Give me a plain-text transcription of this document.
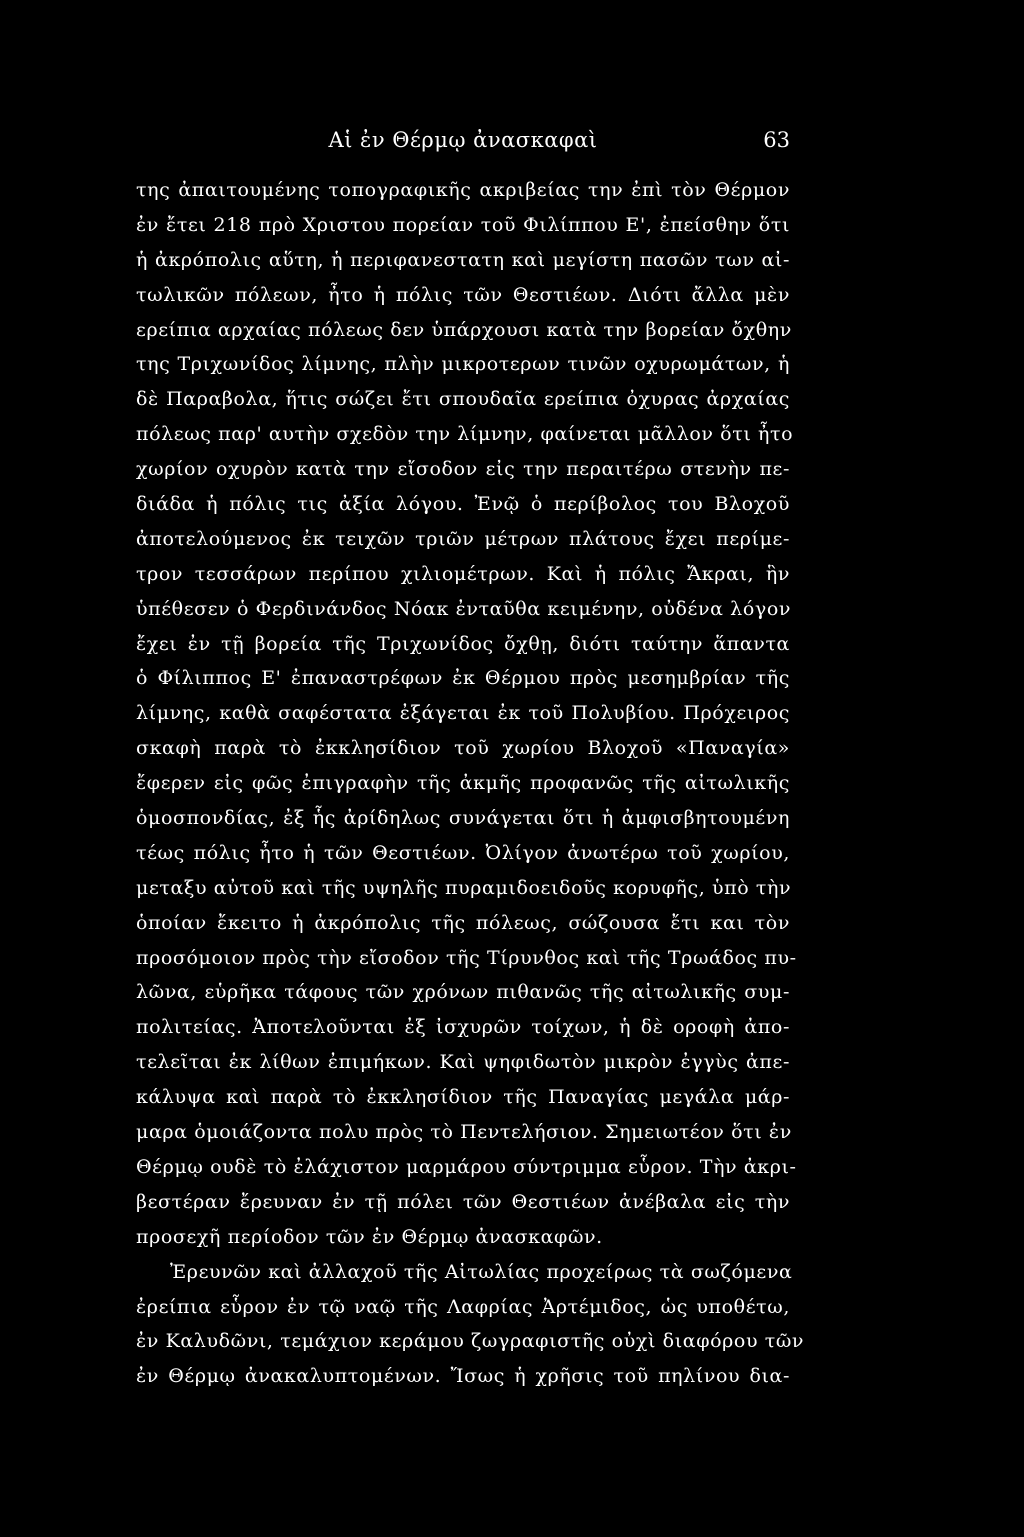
Αἱ ἐν Θέρμῳ ἀνασκαφαὶ	63
της ἀπαιτουμένης τοπογραφικῆς ακριβείας την ἐπὶ τὸν Θέρμον
ἐν ἔτει 218 πρὸ Χριστου πορείαν τοῦ Φιλίππου Ε', ἐπείσθην ὅτι
ἡ ἀκρόπολις αὕτη, ἡ περιφανεστατη καὶ μεγίστη πασῶν των αἰ-
τωλικῶν πόλεων, ἦτο ἡ πόλις τῶν Θεστιέων. Διότι ἄλλα μὲν
ερείπια αρχαίας πόλεως δεν ὑπάρχουσι κατὰ την βορείαν ὄχθην
της Τριχωνίδος λίμνης, πλὴν μικροτερων τινῶν οχυρωμάτων, ἡ
δὲ Παραβολα, ἥτις σώζει ἔτι σπουδαῖα ερείπια ὀχυρας ἀρχαίας
πόλεως παρ' αυτὴν σχεδὸν την λίμνην, φαίνεται μᾶλλον ὅτι ἦτο
χωρίον οχυρὸν κατὰ την εἴσοδον εἰς την περαιτέρω στενὴν πε-
διάδα ἡ πόλις τις ἀξία λόγου. Ἐνῷ ὁ περίβολος του Βλοχοῦ
ἀποτελούμενος ἐκ τειχῶν τριῶν μέτρων πλάτους ἔχει περίμε-
τρον τεσσάρων περίπου χιλιομέτρων. Καὶ ἡ πόλις Ἄκραι, ἣν
ὑπέθεσεν ὁ Φερδινάνδος Νόακ ἐνταῦθα κειμένην, οὐδένα λόγον
ἔχει ἐν τῇ βορεία τῆς Τριχωνίδος ὄχθῃ, διότι ταύτην ἅπαντα
ὁ Φίλιππος Ε' ἐπαναστρέφων ἐκ Θέρμου πρὸς μεσημβρίαν τῆς
λίμνης, καθὰ σαφέστατα ἐξάγεται ἐκ τοῦ Πολυβίου. Πρόχειρος
σκαφὴ παρὰ τὸ ἐκκλησίδιον τοῦ χωρίου Βλοχοῦ «Παναγία»
ἔφερεν εἰς φῶς ἐπιγραφὴν τῆς ἀκμῆς προφανῶς τῆς αἰτωλικῆς
ὁμοσπονδίας, ἐξ ἧς ἀρίδηλως συνάγεται ὅτι ἡ ἀμφισβητουμένη
τέως πόλις ἦτο ἡ τῶν Θεστιέων. Ὀλίγον ἀνωτέρω τοῦ χωρίου,
μεταξυ αὐτοῦ καὶ τῆς υψηλῆς πυραμιδοειδοῦς κορυφῆς, ὑπὸ τὴν
ὁποίαν ἔκειτο ἡ ἀκρόπολις τῆς πόλεως, σώζουσα ἔτι και τὸν
προσόμοιον πρὸς τὴν εἴσοδον τῆς Τίρυνθος καὶ τῆς Τρωάδος πυ-
λῶνα, εὑρῆκα τάφους τῶν χρόνων πιθανῶς τῆς αἰτωλικῆς συμ-
πολιτείας. Ἀποτελοῦνται ἐξ ἰσχυρῶν τοίχων, ἡ δὲ οροφὴ ἀπο-
τελεῖται ἐκ λίθων ἐπιμήκων. Καὶ ψηφιδωτὸν μικρὸν ἐγγὺς ἀπε-
κάλυψα καὶ παρὰ τὸ ἐκκλησίδιον τῆς Παναγίας μεγάλα μάρ-
μαρα ὁμοιάζοντα πολυ πρὸς τὸ Πεντελήσιον. Σημειωτέον ὅτι ἐν
Θέρμῳ ουδὲ τὸ ἐλάχιστον μαρμάρου σύντριμμα εὗρον. Τὴν ἀκρι-
βεστέραν ἔρευναν ἐν τῇ πόλει τῶν Θεστιέων ἀνέβαλα εἰς τὴν
προσεχῆ περίοδον τῶν ἐν Θέρμῳ ἀνασκαφῶν.
Ἐρευνῶν καὶ ἀλλαχοῦ τῆς Αἰτωλίας προχείρως τὰ σωζόμενα
ἐρείπια εὗρον ἐν τῷ ναῷ τῆς Λαφρίας Ἀρτέμιδος, ὡς υποθέτω,
ἐν Καλυδῶνι, τεμάχιον κεράμου ζωγραφιστῆς οὐχὶ διαφόρου τῶν
ἐν Θέρμῳ ἀνακαλυπτομένων. Ἴσως ἡ χρῆσις τοῦ πηλίνου δια-
